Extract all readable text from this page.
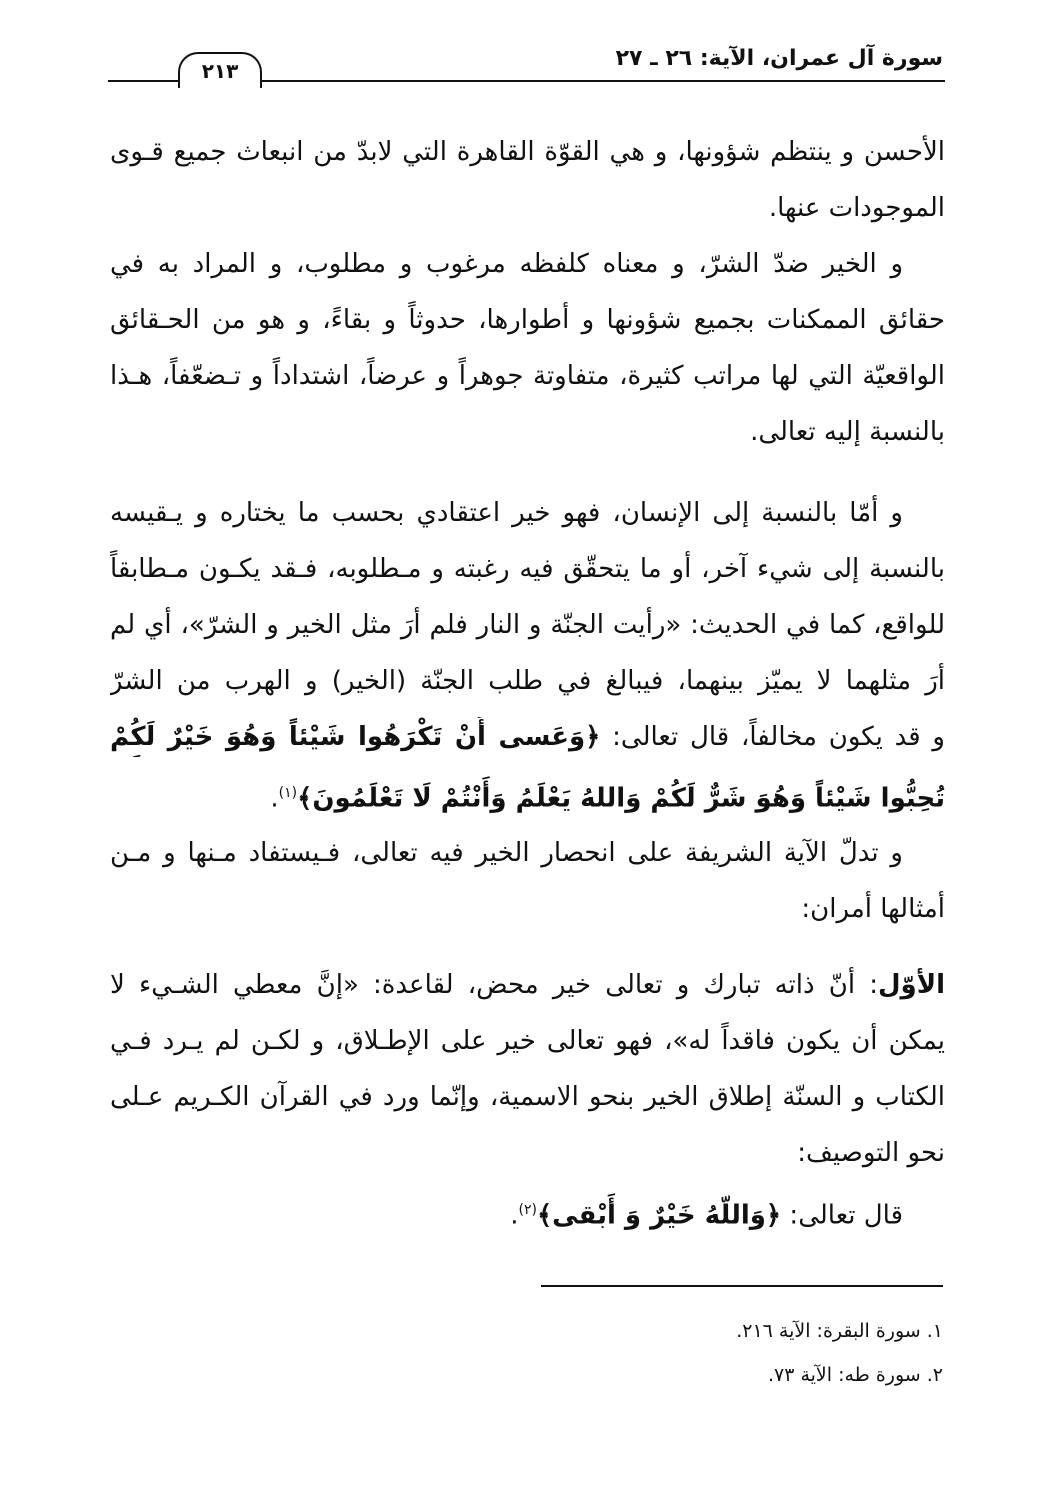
سورة آل عمران، الآية: ٢٦ ـ ٢٧
٢١٣
الأحسن و ينتظم شؤونها، و هي القوّة القاهرة التي لابدّ من انبعاث جميع قـوى
الموجودات عنها.
و الخير ضدّ الشرّ، و معناه كلفظه مرغوب و مطلوب، و المراد به في
حقائق الممكنات بجميع شؤونها و أطوارها، حدوثاً و بقاءً، و هو من الحـقائق
الواقعيّة التي لها مراتب كثيرة، متفاوتة جوهراً و عرضاً، اشتداداً و تـضعّفاً، هـذا
بالنسبة إليه تعالى.
و أمّا بالنسبة إلى الإنسان، فهو خير اعتقادي بحسب ما يختاره و يـقيسه
بالنسبة إلى شيء آخر، أو ما يتحقّق فيه رغبته و مـطلوبه، فـقد يكـون مـطابقاً
للواقع، كما في الحديث: «رأيت الجنّة و النار فلم أرَ مثل الخير و الشرّ»، أي لم
أرَ مثلهما لا يميّز بينهما، فيبالغ في طلب الجنّة (الخير) و الهرب من الشرّ
و قد يكون مخالفاً، قال تعالى: ﴿وَعَسى أَنْ تَكْرَهُوا شَيْئاً وَهُوَ خَيْرٌ لَكُمْ
تُحِبُّوا شَيْئاً وَهُوَ شَرٌّ لَكُمْ وَاللهُ يَعْلَمُ وَأَنْتُمْ لَا تَعْلَمُونَ﴾$^{(١)}$.
و تدلّ الآية الشريفة على انحصار الخير فيه تعالى، فـيستفاد مـنها و مـن
أمثالها أمران:
الأوّل: أنّ ذاته تبارك و تعالى خير محض، لقاعدة: «إنَّ معطي الشـيء لا
يمكن أن يكون فاقداً له»، فهو تعالى خير على الإطـلاق، و لكـن لم يـرد فـي
الكتاب و السنّة إطلاق الخير بنحو الاسمية، وإنّما ورد في القرآن الكـريم عـلى
نحو التوصيف:
قال تعالى: ﴿وَاللّهُ خَيْرٌ وَ أَبْقى﴾$^{(٢)}$.
١. سورة البقرة: الآية ٢١٦.
٢. سورة طه: الآية ٧٣.
